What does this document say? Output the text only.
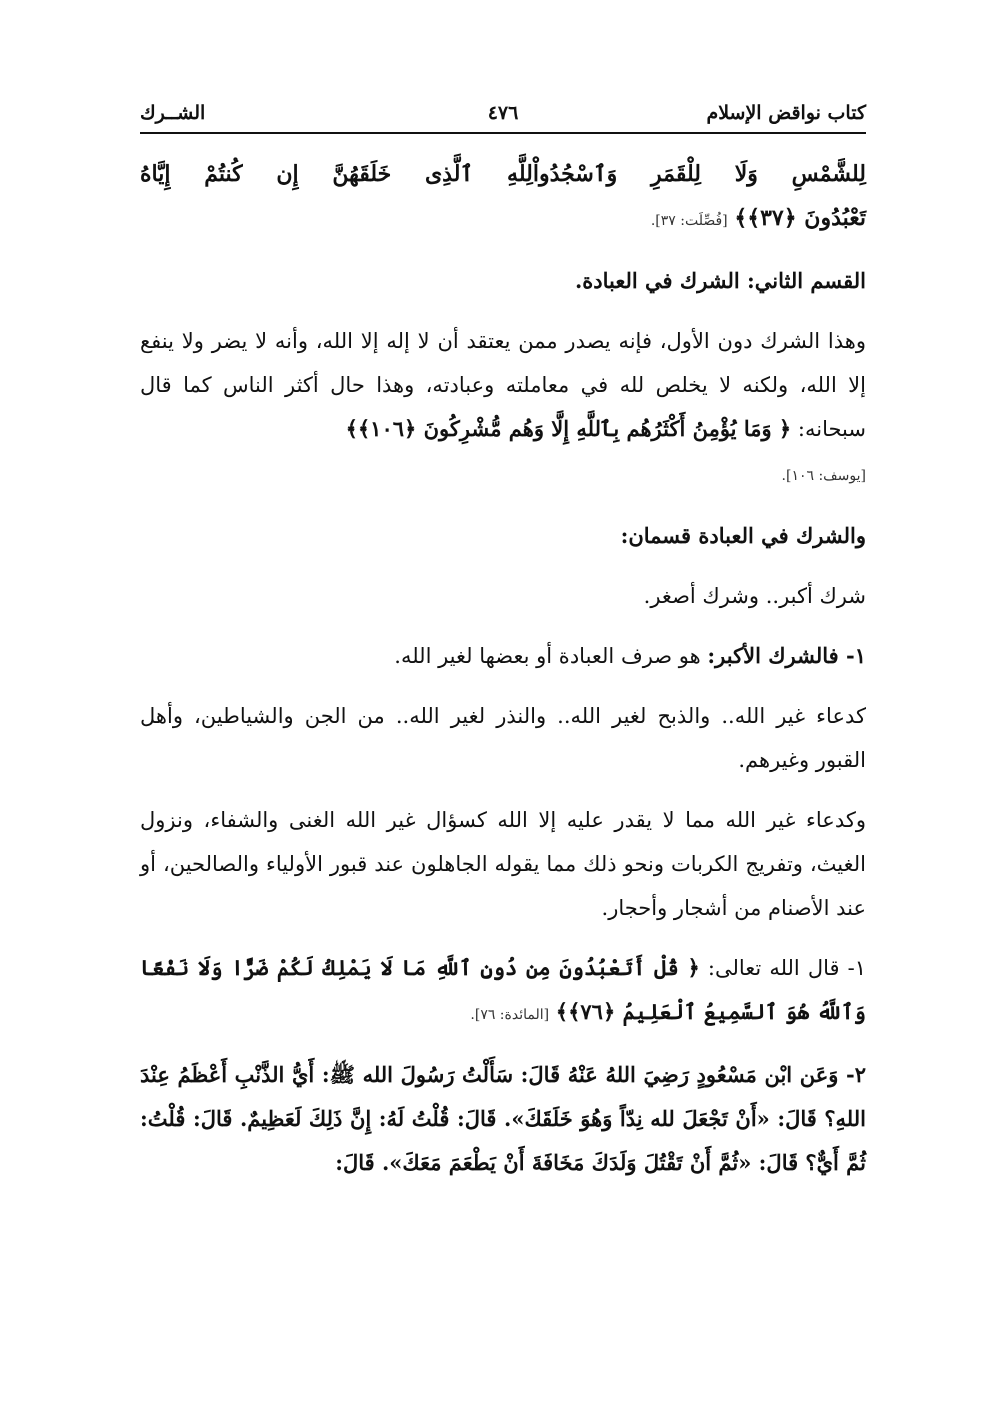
كتاب نواقض الإسلام
٤٧٦
الشــرك

لِلشَّمْسِ وَلَا لِلْقَمَرِ وَٱسْجُدُواْلِلَّهِ ٱلَّذِى خَلَقَهُنَّ إِن كُنتُمْ إِيَّاهُ
تَعْبُدُونَ ﴿٣٧﴾﴾ [فُصِّلَت: ٣٧].

القسم الثاني: الشرك في العبادة.

وهذا الشرك دون الأول، فإنه يصدر ممن يعتقد أن لا إله إلا الله، وأنه لا يضر ولا ينفع إلا الله، ولكنه لا يخلص لله في معاملته وعبادته، وهذا حال أكثر الناس كما قال سبحانه: ﴿ وَمَا يُؤْمِنُ أَكْثَرُهُم بِٱللَّهِ إِلَّا وَهُم مُّشْرِكُونَ ﴿١٠٦﴾﴾
[يوسف: ١٠٦].

والشرك في العبادة قسمان:

شرك أكبر.. وشرك أصغر.

١- فالشرك الأكبر: هو صرف العبادة أو بعضها لغير الله.

كدعاء غير الله.. والذبح لغير الله.. والنذر لغير الله.. من الجن والشياطين، وأهل القبور وغيرهم.

وكدعاء غير الله مما لا يقدر عليه إلا الله كسؤال غير الله الغنى والشفاء، ونزول الغيث، وتفريج الكربات ونحو ذلك مما يقوله الجاهلون عند قبور الأولياء والصالحين، أو عند الأصنام من أشجار وأحجار.

١- قال الله تعالى: ﴿ قُلْ أَتَعْبُدُونَ مِن دُونِ ٱللَّهِ مَا لَا يَمْلِكُ لَكُمْ ضَرًّا وَلَا نَفْعًا وَٱللَّهُ هُوَ ٱلسَّمِيعُ ٱلْعَلِيمُ ﴿٧٦﴾﴾ [المائدة: ٧٦].

٢- وَعَن ابْن مَسْعُودٍ رَضِيَ اللهُ عَنْهُ قَالَ: سَأَلْتُ رَسُولَ الله ﷺ: أَيُّ الذَّنْبِ أَعْظَمُ عِنْدَ اللهِ؟ قَالَ: «أَنْ تَجْعَلَ لله نِدّاً وَهُوَ خَلَقَكَ». قَالَ: قُلْتُ لَهُ: إِنَّ ذَلِكَ لَعَظِيمٌ. قَالَ: قُلْتُ: ثُمَّ أَيٌّ؟ قَالَ: «ثُمَّ أَنْ تَقْتُلَ وَلَدَكَ مَخَافَةَ أَنْ يَطْعَمَ مَعَكَ». قَالَ:
